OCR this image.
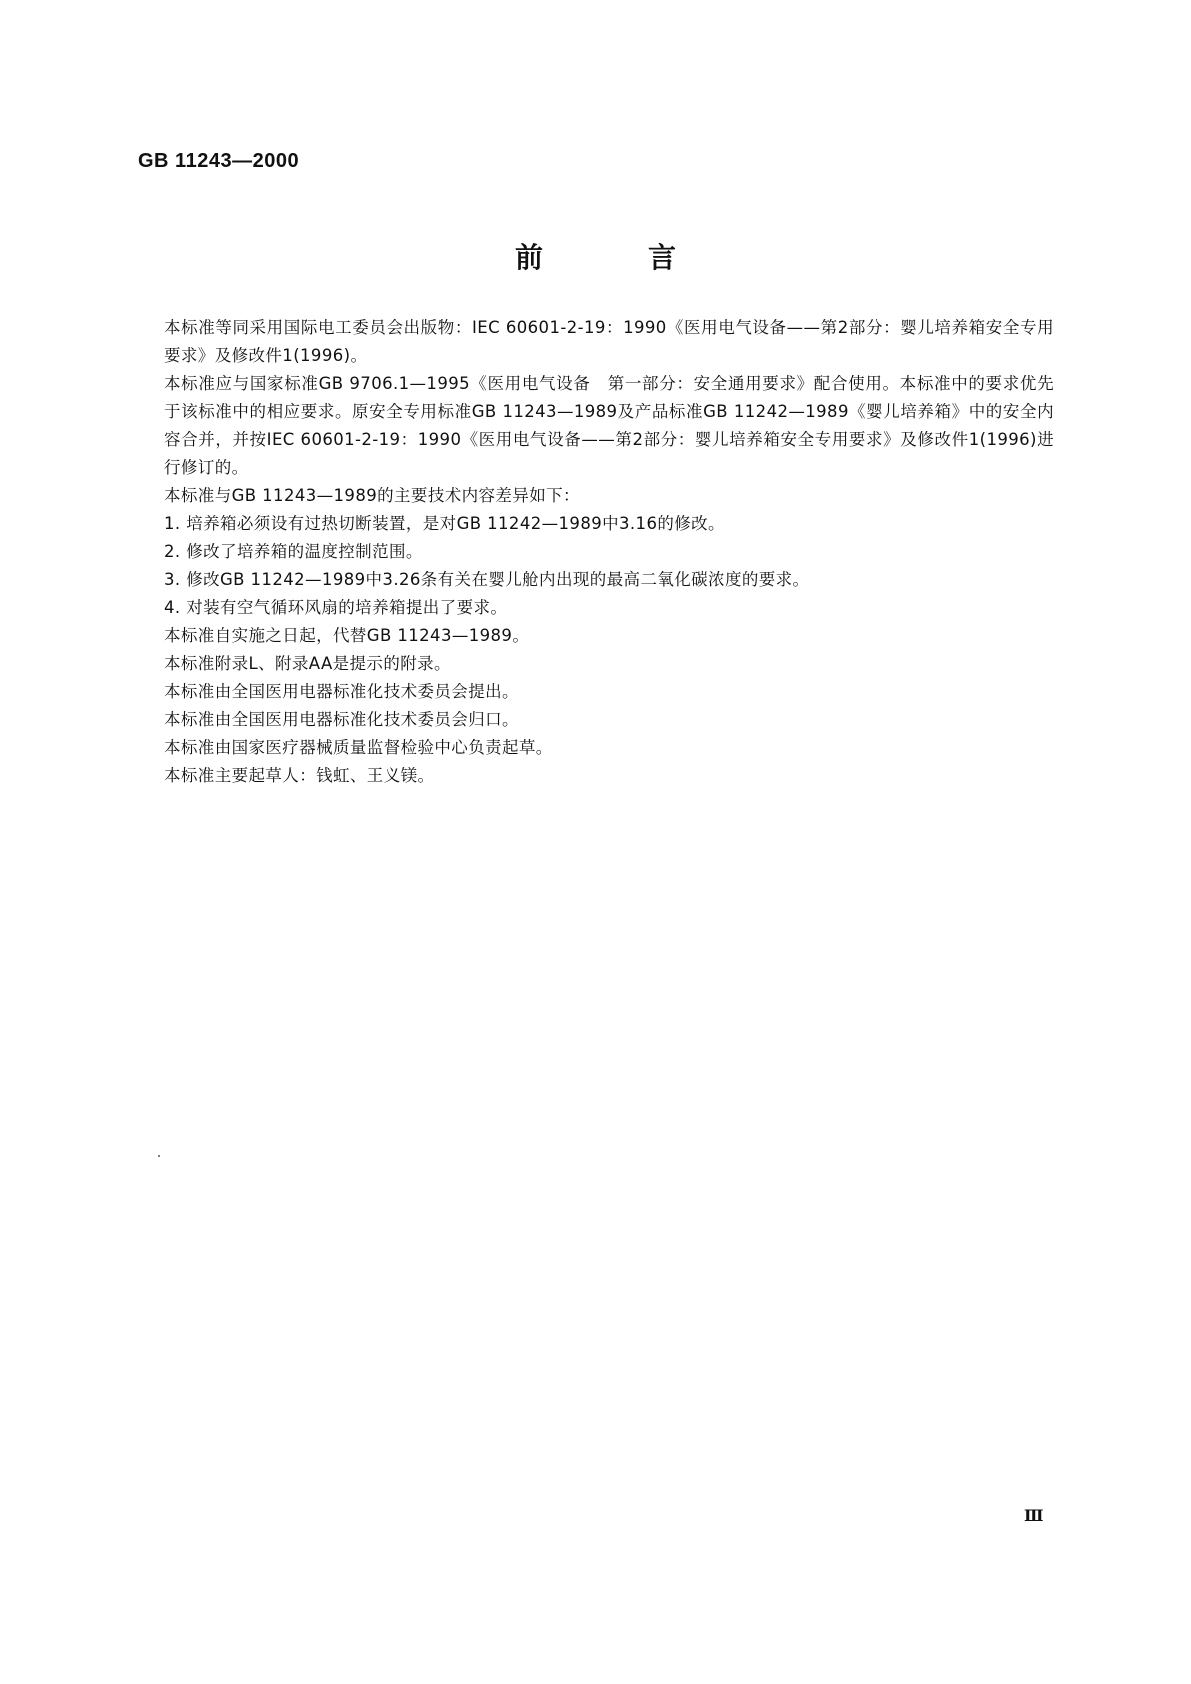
GB 11243—2000
前言

本标准等同采用国际电工委员会出版物：IEC 60601-2-19：1990《医用电气设备——第2部分：婴儿培养箱安全专用要求》及修改件1(1996)。

本标准应与国家标准GB 9706.1—1995《医用电气设备　第一部分：安全通用要求》配合使用。本标准中的要求优先于该标准中的相应要求。原安全专用标准GB 11243—1989及产品标准GB 11242—1989《婴儿培养箱》中的安全内容合并，并按IEC 60601-2-19：1990《医用电气设备——第2部分：婴儿培养箱安全专用要求》及修改件1(1996)进行修订的。

本标准与GB 11243—1989的主要技术内容差异如下：

1. 培养箱必须设有过热切断装置，是对GB 11242—1989中3.16的修改。

2. 修改了培养箱的温度控制范围。

3. 修改GB 11242—1989中3.26条有关在婴儿舱内出现的最高二氧化碳浓度的要求。

4. 对装有空气循环风扇的培养箱提出了要求。

本标准自实施之日起，代替GB 11243—1989。

本标准附录L、附录AA是提示的附录。

本标准由全国医用电器标准化技术委员会提出。

本标准由全国医用电器标准化技术委员会归口。

本标准由国家医疗器械质量监督检验中心负责起草。

本标准主要起草人：钱虹、王义镁。

Ⅲ
